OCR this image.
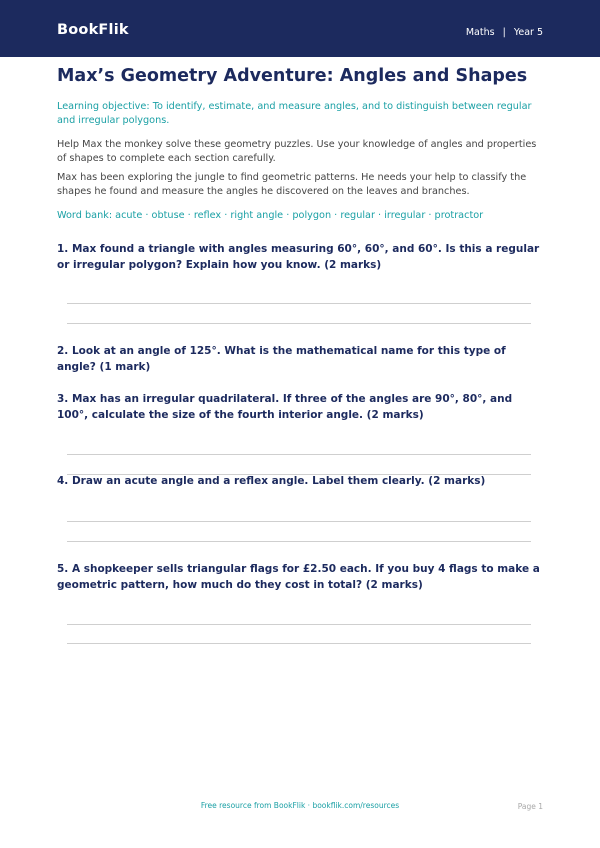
BookFlik	Maths | Year 5
Max’s Geometry Adventure: Angles and Shapes
Learning objective: To identify, estimate, and measure angles, and to distinguish between regular and irregular polygons.
Help Max the monkey solve these geometry puzzles. Use your knowledge of angles and properties of shapes to complete each section carefully.
Max has been exploring the jungle to find geometric patterns. He needs your help to classify the shapes he found and measure the angles he discovered on the leaves and branches.
Word bank: acute · obtuse · reflex · right angle · polygon · regular · irregular · protractor
1. Max found a triangle with angles measuring 60°, 60°, and 60°. Is this a regular or irregular polygon? Explain how you know. (2 marks)
2. Look at an angle of 125°. What is the mathematical name for this type of angle? (1 mark)
3. Max has an irregular quadrilateral. If three of the angles are 90°, 80°, and 100°, calculate the size of the fourth interior angle. (2 marks)
4. Draw an acute angle and a reflex angle. Label them clearly. (2 marks)
5. A shopkeeper sells triangular flags for £2.50 each. If you buy 4 flags to make a geometric pattern, how much do they cost in total? (2 marks)
Free resource from BookFlik · bookflik.com/resources	Page 1
